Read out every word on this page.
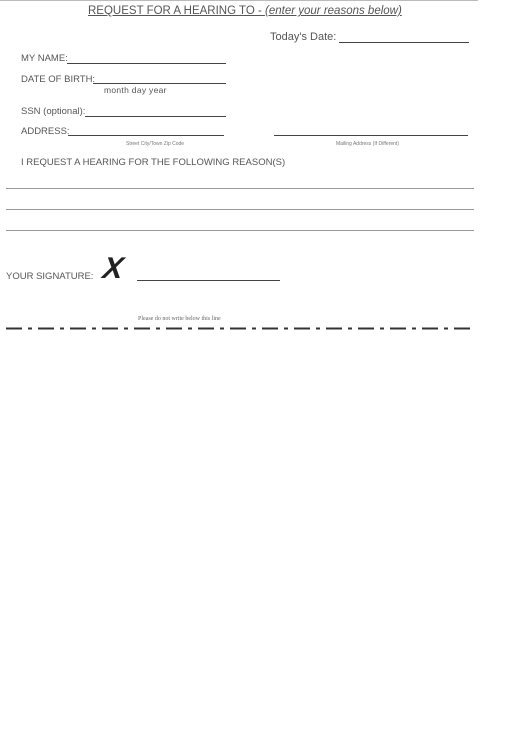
REQUEST FOR A HEARING TO - (enter your reasons below)
Today's Date:
MY NAME:
DATE OF BIRTH:
month day year
SSN (optional):
ADDRESS:
Street City/Town Zip Code	Mailing Address (If Different)
I REQUEST A HEARING FOR THE FOLLOWING REASON(S)
YOUR SIGNATURE: X
Please do not write below this line
